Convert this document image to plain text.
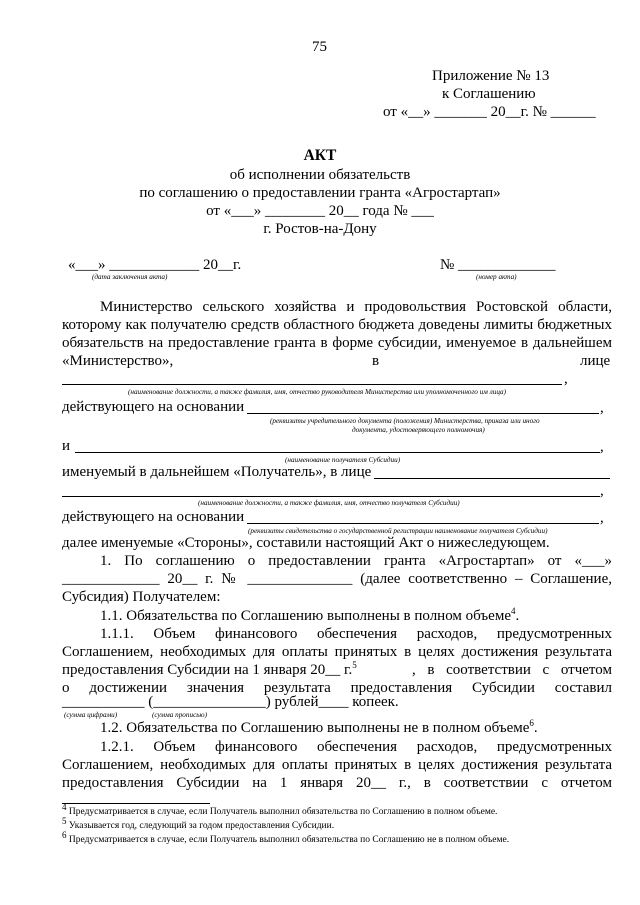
75
Приложение № 13
к Соглашению
от «__» _______ 20__г. № ______
АКТ
об исполнении обязательств
по соглашению о предоставлении гранта «Агростартап»
от «___» ________ 20__ года № ___
г. Ростов-на-Дону
«___» ____________ 20__г.
(дата заключения акта)
№ _____________
(номер акта)
Министерство сельского хозяйства и продовольствия Ростовской области,
которому как получателю средств областного бюджета доведены лимиты бюджетных
обязательств на предоставление гранта в форме субсидии, именуемое в дальнейшем
«Министерство»,	в	лице
,
(наименование должности, а также фамилия, имя, отчество руководителя Министерства или уполномоченного им лица)
действующего на основании	,
(реквизиты учредительного документа (положения) Министерства, приказа или иного
документа, удостоверяющего полномочия)
и	,
(наименование получателя Субсидии)
именуемый в дальнейшем «Получатель», в лице
,
(наименование должности, а также фамилия, имя, отчество получателя Субсидии)
действующего на основании	,
(реквизиты свидетельства о государственной регистрации наименование получателя Субсидии)
далее именуемые «Стороны», составили настоящий Акт о нижеследующем.
1. По соглашению о предоставлении гранта «Агростартап» от «___»
_____________ 20__ г. № ______________ (далее соответственно – Соглашение,
Субсидия) Получателем:
1.1. Обязательства по Соглашению выполнены в полном объеме$^4$.
1.1.1. Объем финансового обеспечения расходов, предусмотренных
Соглашением, необходимых для оплаты принятых в целях достижения результата
предоставления Субсидии на 1 января 20__ г.$^5$	, в соответствии с отчетом
о достижении значения результата предоставления Субсидии составил
___________ (_______________) рублей____ копеек.
(сумма цифрами)	(сумма прописью)
1.2. Обязательства по Соглашению выполнены не в полном объеме$^6$.
1.2.1. Объем финансового обеспечения расходов, предусмотренных
Соглашением, необходимых для оплаты принятых в целях достижения результата
предоставления Субсидии на 1 января 20__ г., в соответствии с отчетом
$^4$ Предусматривается в случае, если Получатель выполнил обязательства по Соглашению в полном объеме.
$^5$ Указывается год, следующий за годом предоставления Субсидии.
$^6$ Предусматривается в случае, если Получатель выполнил обязательства по Соглашению не в полном объеме.
